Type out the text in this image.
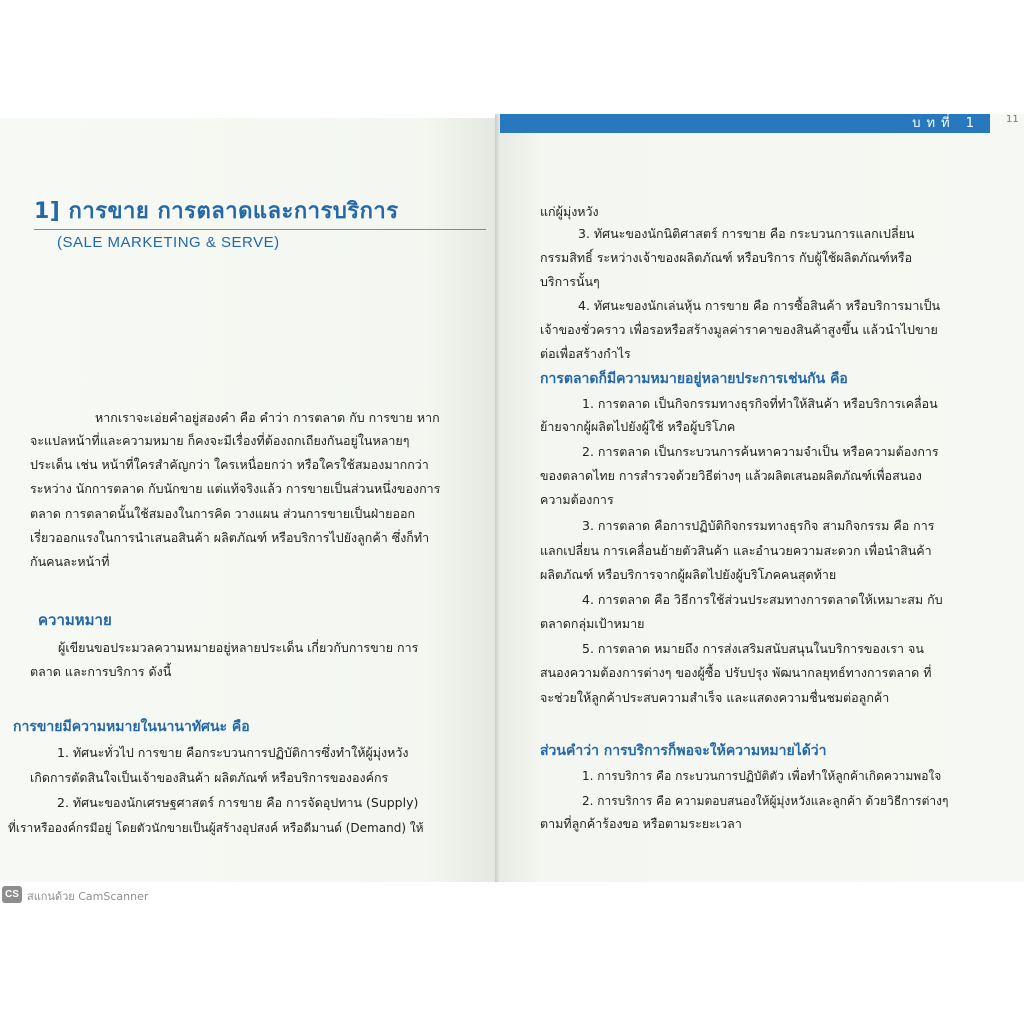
บทที่ 1	11
1] การขาย การตลาดและการบริการ
(SALE MARKETING & SERVE)
หากเราจะเอ่ยคำอยู่สองคำ คือ คำว่า การตลาด กับ การขาย หาก
จะแปลหน้าที่และความหมาย ก็คงจะมีเรื่องที่ต้องถกเถียงกันอยู่ในหลายๆ
ประเด็น เช่น หน้าที่ใครสำคัญกว่า ใครเหนื่อยกว่า หรือใครใช้สมองมากกว่า
ระหว่าง นักการตลาด กับนักขาย แต่แท้จริงแล้ว การขายเป็นส่วนหนึ่งของการ
ตลาด การตลาดนั้นใช้สมองในการคิด วางแผน ส่วนการขายเป็นฝ่ายออก
เรี่ยวออกแรงในการนำเสนอสินค้า ผลิตภัณฑ์ หรือบริการไปยังลูกค้า ซึ่งก็ทำ
กันคนละหน้าที่
ความหมาย
ผู้เขียนขอประมวลความหมายอยู่หลายประเด็น เกี่ยวกับการขาย การ
ตลาด และการบริการ ดังนี้
การขายมีความหมายในนานาทัศนะ คือ
1. ทัศนะทั่วไป การขาย คือกระบวนการปฏิบัติการซึ่งทำให้ผู้มุ่งหวัง
เกิดการตัดสินใจเป็นเจ้าของสินค้า ผลิตภัณฑ์ หรือบริการขององค์กร
2. ทัศนะของนักเศรษฐศาสตร์ การขาย คือ การจัดอุปทาน (Supply)
ที่เราหรือองค์กรมีอยู่ โดยตัวนักขายเป็นผู้สร้างอุปสงค์ หรือดีมานด์ (Demand) ให้
แก่ผู้มุ่งหวัง
3. ทัศนะของนักนิติศาสตร์ การขาย คือ กระบวนการแลกเปลี่ยน
กรรมสิทธิ์ ระหว่างเจ้าของผลิตภัณฑ์ หรือบริการ กับผู้ใช้ผลิตภัณฑ์หรือ
บริการนั้นๆ
4. ทัศนะของนักเล่นหุ้น การขาย คือ การซื้อสินค้า หรือบริการมาเป็น
เจ้าของชั่วคราว เพื่อรอหรือสร้างมูลค่าราคาของสินค้าสูงขึ้น แล้วนำไปขาย
ต่อเพื่อสร้างกำไร
การตลาดก็มีความหมายอยู่หลายประการเช่นกัน คือ
1. การตลาด เป็นกิจกรรมทางธุรกิจที่ทำให้สินค้า หรือบริการเคลื่อน
ย้ายจากผู้ผลิตไปยังผู้ใช้ หรือผู้บริโภค
2. การตลาด เป็นกระบวนการค้นหาความจำเป็น หรือความต้องการ
ของตลาดไทย การสำรวจด้วยวิธีต่างๆ แล้วผลิตเสนอผลิตภัณฑ์เพื่อสนอง
ความต้องการ
3. การตลาด คือการปฏิบัติกิจกรรมทางธุรกิจ สามกิจกรรม คือ การ
แลกเปลี่ยน การเคลื่อนย้ายตัวสินค้า และอำนวยความสะดวก เพื่อนำสินค้า
ผลิตภัณฑ์ หรือบริการจากผู้ผลิตไปยังผู้บริโภคคนสุดท้าย
4. การตลาด คือ วิธีการใช้ส่วนประสมทางการตลาดให้เหมาะสม กับ
ตลาดกลุ่มเป้าหมาย
5. การตลาด หมายถึง การส่งเสริมสนับสนุนในบริการของเรา จน
สนองความต้องการต่างๆ ของผู้ซื้อ ปรับปรุง พัฒนากลยุทธ์ทางการตลาด ที่
จะช่วยให้ลูกค้าประสบความสำเร็จ และแสดงความชื่นชมต่อลูกค้า
ส่วนคำว่า การบริการก็พอจะให้ความหมายได้ว่า
1. การบริการ คือ กระบวนการปฏิบัติตัว เพื่อทำให้ลูกค้าเกิดความพอใจ
2. การบริการ คือ ความตอบสนองให้ผู้มุ่งหวังและลูกค้า ด้วยวิธีการต่างๆ
ตามที่ลูกค้าร้องขอ หรือตามระยะเวลา
CS สแกนด้วย CamScanner
